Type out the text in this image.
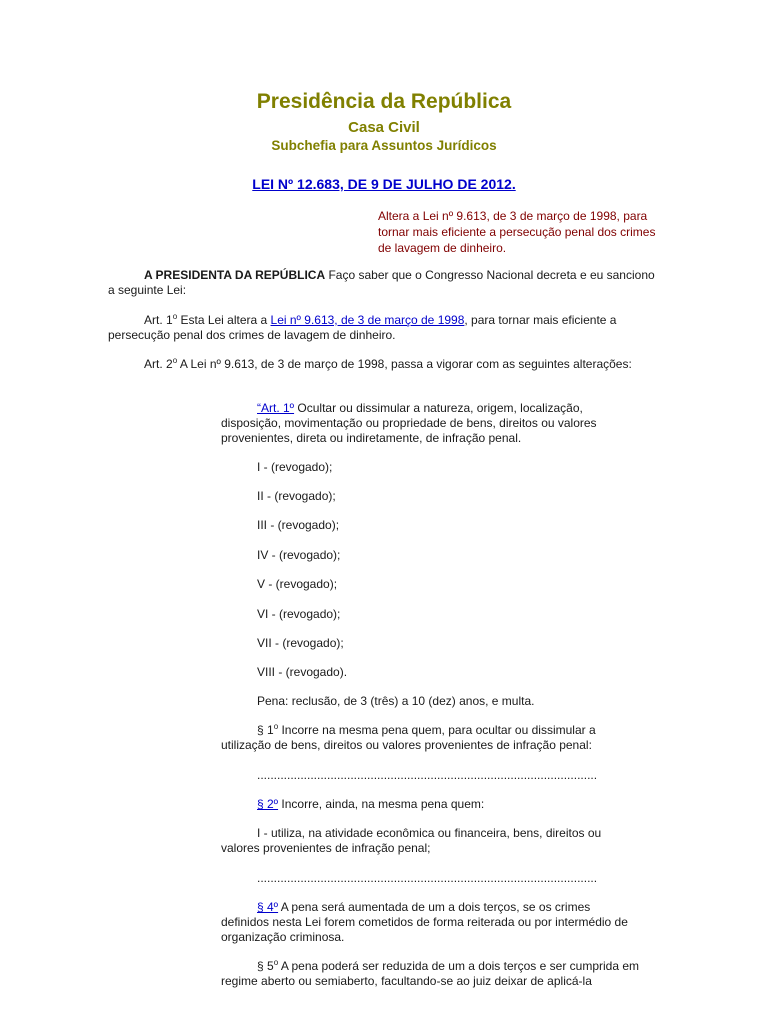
Presidência da República
Casa Civil
Subchefia para Assuntos Jurídicos
LEI Nº 12.683, DE 9 DE JULHO DE 2012.
Altera a Lei nº 9.613, de 3 de março de 1998, para tornar mais eficiente a persecução penal dos crimes de lavagem de dinheiro.

A PRESIDENTA DA REPÚBLICA Faço saber que o Congresso Nacional decreta e eu sanciono a seguinte Lei:

Art. 1$^o$ Esta Lei altera a Lei nº 9.613, de 3 de março de 1998, para tornar mais eficiente a persecução penal dos crimes de lavagem de dinheiro.

Art. 2$^o$ A Lei nº 9.613, de 3 de março de 1998, passa a vigorar com as seguintes alterações:

“Art. 1º Ocultar ou dissimular a natureza, origem, localização, disposição, movimentação ou propriedade de bens, direitos ou valores provenientes, direta ou indiretamente, de infração penal.

I - (revogado);

II - (revogado);

III - (revogado);

IV - (revogado);

V - (revogado);

VI - (revogado);

VII - (revogado);

VIII - (revogado).

Pena: reclusão, de 3 (três) a 10 (dez) anos, e multa.

§ 1$^o$ Incorre na mesma pena quem, para ocultar ou dissimular a utilização de bens, direitos ou valores provenientes de infração penal:

......................................................................................................

§ 2º Incorre, ainda, na mesma pena quem:

I - utiliza, na atividade econômica ou financeira, bens, direitos ou valores provenientes de infração penal;

......................................................................................................

§ 4º A pena será aumentada de um a dois terços, se os crimes definidos nesta Lei forem cometidos de forma reiterada ou por intermédio de organização criminosa.

§ 5$^o$ A pena poderá ser reduzida de um a dois terços e ser cumprida em regime aberto ou semiaberto, facultando-se ao juiz deixar de aplicá-la
